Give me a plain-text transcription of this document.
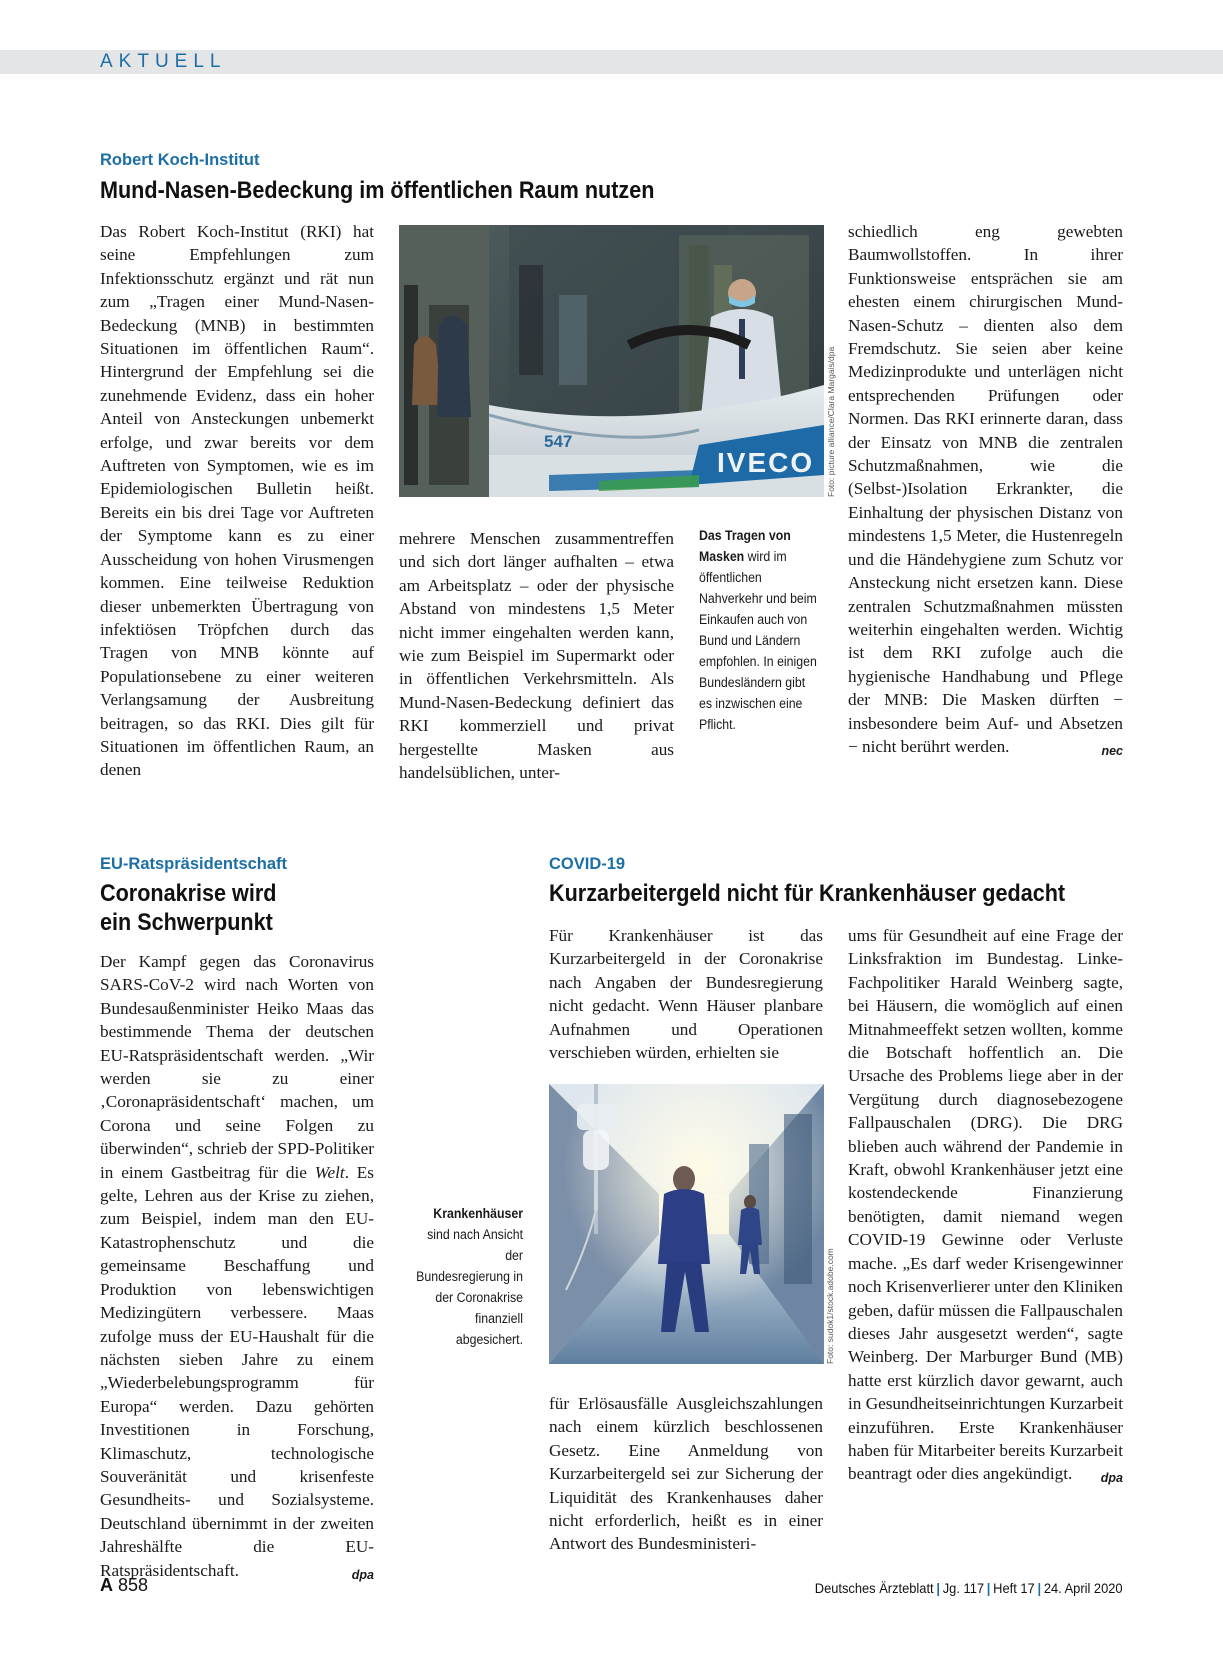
AKTUELL
Robert Koch-Institut
Mund-Nasen-Bedeckung im öffentlichen Raum nutzen
Das Robert Koch-Institut (RKI) hat seine Empfehlungen zum Infektionsschutz ergänzt und rät nun zum „Tragen einer Mund-Nasen-Bedeckung (MNB) in bestimmten Situationen im öffentlichen Raum“. Hintergrund der Empfehlung sei die zunehmende Evidenz, dass ein hoher Anteil von Ansteckungen unbemerkt erfolge, und zwar bereits vor dem Auftreten von Symptomen, wie es im Epidemiologischen Bulletin heißt. Bereits ein bis drei Tage vor Auftreten der Symptome kann es zu einer Ausscheidung von hohen Virusmengen kommen. Eine teilweise Reduktion dieser unbemerkten Übertragung von infektiösen Tröpfchen durch das Tragen von MNB könnte auf Populationsebene zu einer weiteren Verlangsamung der Ausbreitung beitragen, so das RKI. Dies gilt für Situationen im öffentlichen Raum, an denen
547
IVECO Foto: picture alliance/Clara Margais/dpa
mehrere Menschen zusammentreffen und sich dort länger aufhalten – etwa am Arbeitsplatz – oder der physische Abstand von mindestens 1,5 Meter nicht immer eingehalten werden kann, wie zum Beispiel im Supermarkt oder in öffentlichen Verkehrsmitteln. Als Mund-Nasen-Bedeckung definiert das RKI kommerziell und privat hergestellte Masken aus handelsüblichen, unter-
Das Tragen von Masken wird im öffentlichen Nahverkehr und beim Einkaufen auch von Bund und Ländern empfohlen. In einigen Bundesländern gibt es inzwischen eine Pflicht.
schiedlich eng gewebten Baumwollstoffen. In ihrer Funktionsweise entsprächen sie am ehesten einem chirurgischen Mund-Nasen-Schutz – dienten also dem Fremdschutz. Sie seien aber keine Medizinprodukte und unterlägen nicht entsprechenden Prüfungen oder Normen. Das RKI erinnerte daran, dass der Einsatz von MNB die zentralen Schutzmaßnahmen, wie die (Selbst-)Isolation Erkrankter, die Einhaltung der physischen Distanz von mindestens 1,5 Meter, die Hustenregeln und die Händehygiene zum Schutz vor Ansteckung nicht ersetzen kann. Diese zentralen Schutzmaßnahmen müssten weiterhin eingehalten werden. Wichtig ist dem RKI zufolge auch die hygienische Handhabung und Pflege der MNB: Die Masken dürften − insbesondere beim Auf- und Absetzen − nicht berührt werden.	nec
EU-Ratspräsidentschaft
Coronakrise wird
ein Schwerpunkt
Der Kampf gegen das Coronavirus SARS-CoV-2 wird nach Worten von Bundesaußenminister Heiko Maas das bestimmende Thema der deutschen EU-Ratspräsidentschaft werden. „Wir werden sie zu einer ‚Coronapräsidentschaft‘ machen, um Corona und seine Folgen zu überwinden“, schrieb der SPD-Politiker in einem Gastbeitrag für die Welt. Es gelte, Lehren aus der Krise zu ziehen, zum Beispiel, indem man den EU-Katastrophenschutz und die gemeinsame Beschaffung und Produktion von lebenswichtigen Medizingütern verbessere. Maas zufolge muss der EU-Haushalt für die nächsten sieben Jahre zu einem „Wiederbelebungsprogramm für Europa“ werden. Dazu gehörten Investitionen in Forschung, Klimaschutz, technologische Souveränität und krisenfeste Gesundheits- und Sozialsysteme. Deutschland übernimmt in der zweiten Jahreshälfte die EU-Ratspräsidentschaft.	dpa
Krankenhäuser
sind nach Ansicht der Bundesregierung in der Coronakrise finanziell abgesichert.
COVID-19
Kurzarbeitergeld nicht für Krankenhäuser gedacht
Für Krankenhäuser ist das Kurzarbeitergeld in der Coronakrise nach Angaben der Bundesregierung nicht gedacht. Wenn Häuser planbare Aufnahmen und Operationen verschieben würden, erhielten sie
Foto: sudok1/stock.adobe.com
für Erlösausfälle Ausgleichszahlungen nach einem kürzlich beschlossenen Gesetz. Eine Anmeldung von Kurzarbeitergeld sei zur Sicherung der Liquidität des Krankenhauses daher nicht erforderlich, heißt es in einer Antwort des Bundesministeri-
ums für Gesundheit auf eine Frage der Linksfraktion im Bundestag. Linke-Fachpolitiker Harald Weinberg sagte, bei Häusern, die womöglich auf einen Mitnahmeeffekt setzen wollten, komme die Botschaft hoffentlich an. Die Ursache des Problems liege aber in der Vergütung durch diagnosebezogene Fallpauschalen (DRG). Die DRG blieben auch während der Pandemie in Kraft, obwohl Krankenhäuser jetzt eine kostendeckende Finanzierung benötigten, damit niemand wegen COVID-19 Gewinne oder Verluste mache. „Es darf weder Krisengewinner noch Krisenverlierer unter den Kliniken geben, dafür müssen die Fallpauschalen dieses Jahr ausgesetzt werden“, sagte Weinberg. Der Marburger Bund (MB) hatte erst kürzlich davor gewarnt, auch in Gesundheitseinrichtungen Kurzarbeit einzuführen. Erste Krankenhäuser haben für Mitarbeiter bereits Kurzarbeit beantragt oder dies angekündigt. dpa
A 858	Deutsches Ärzteblatt | Jg. 117 | Heft 17 | 24. April 2020
